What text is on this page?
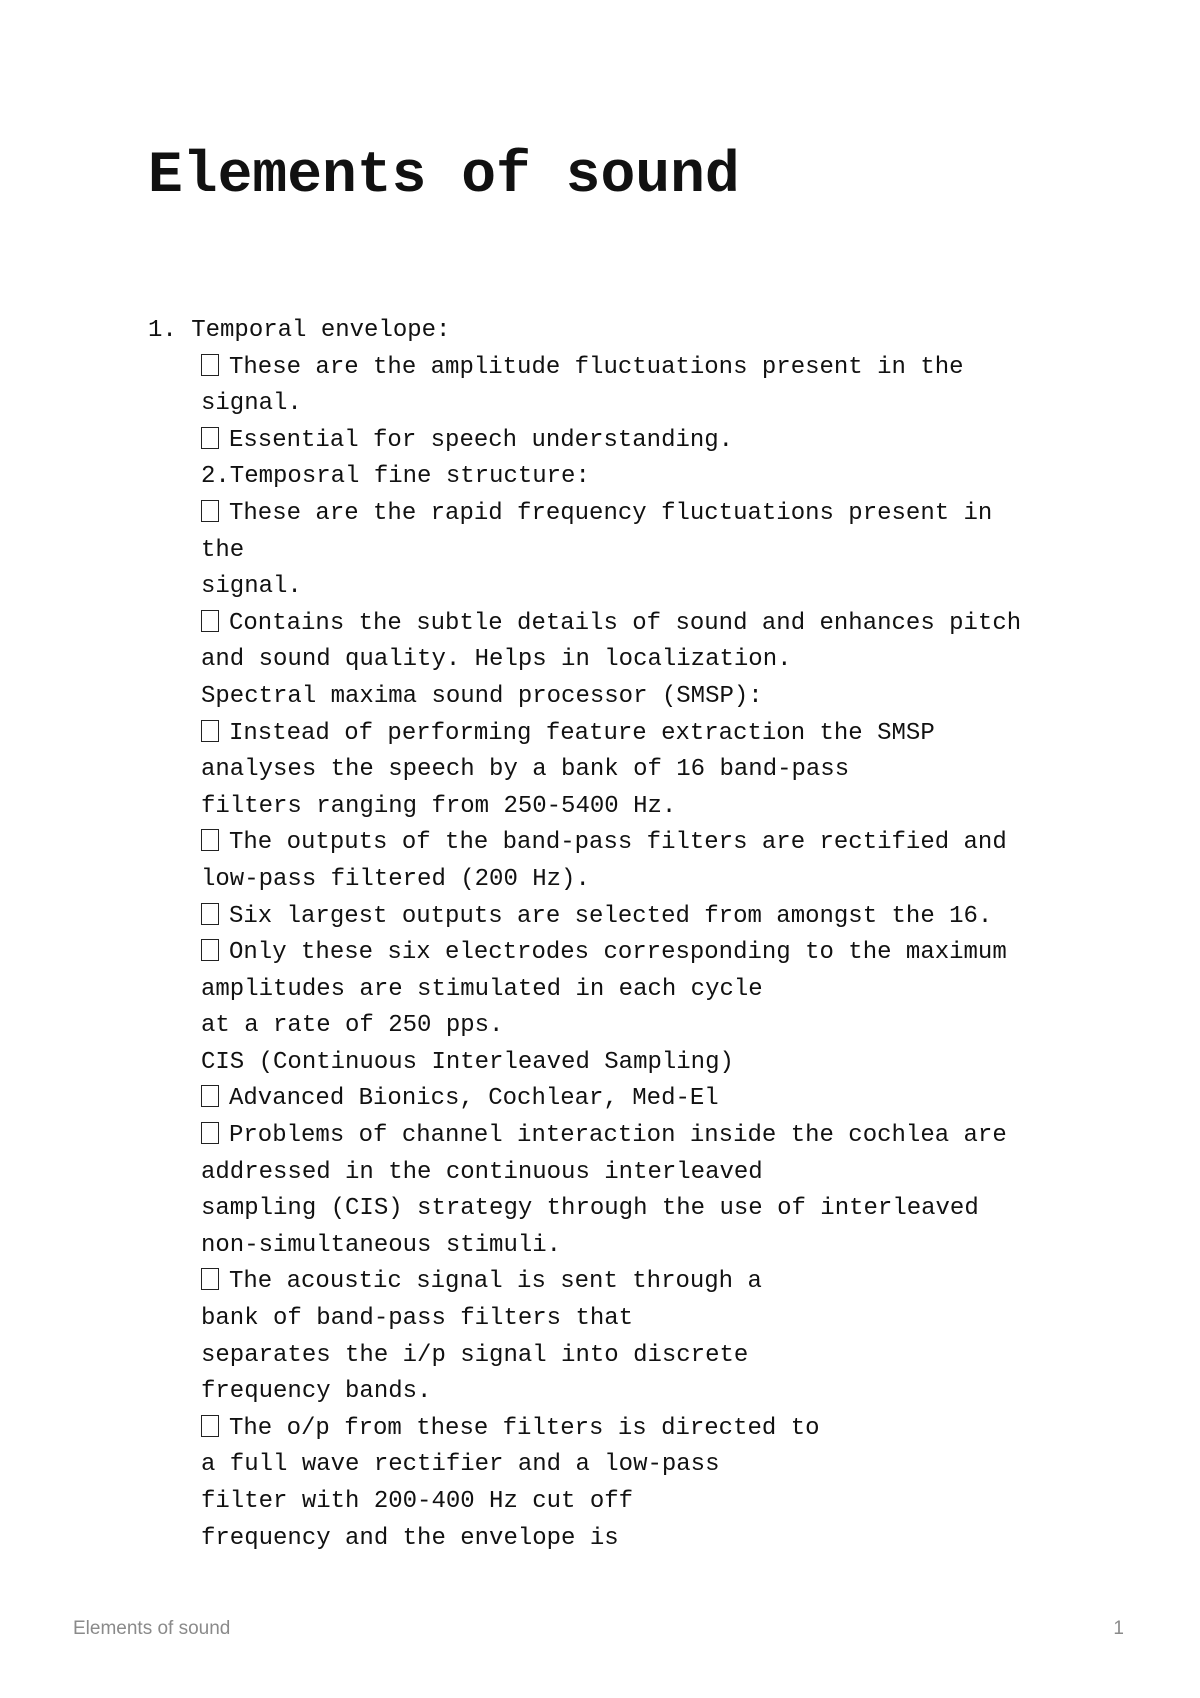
Elements of sound
1. Temporal envelope:
These are the amplitude fluctuations present in the
signal.
Essential for speech understanding.
2.Temposral fine structure:
These are the rapid frequency fluctuations present in
the
signal.
Contains the subtle details of sound and enhances pitch
and sound quality. Helps in localization.
Spectral maxima sound processor (SMSP):
Instead of performing feature extraction the SMSP
analyses the speech by a bank of 16 band-pass
filters ranging from 250-5400 Hz.
The outputs of the band-pass filters are rectified and
low-pass filtered (200 Hz).
Six largest outputs are selected from amongst the 16.
Only these six electrodes corresponding to the maximum
amplitudes are stimulated in each cycle
at a rate of 250 pps.
CIS (Continuous Interleaved Sampling)
Advanced Bionics, Cochlear, Med-El
Problems of channel interaction inside the cochlea are
addressed in the continuous interleaved
sampling (CIS) strategy through the use of interleaved
non-simultaneous stimuli.
The acoustic signal is sent through a
bank of band-pass filters that
separates the i/p signal into discrete
frequency bands.
The o/p from these filters is directed to
a full wave rectifier and a low-pass
filter with 200-400 Hz cut off
frequency and the envelope is
Elements of sound	1
